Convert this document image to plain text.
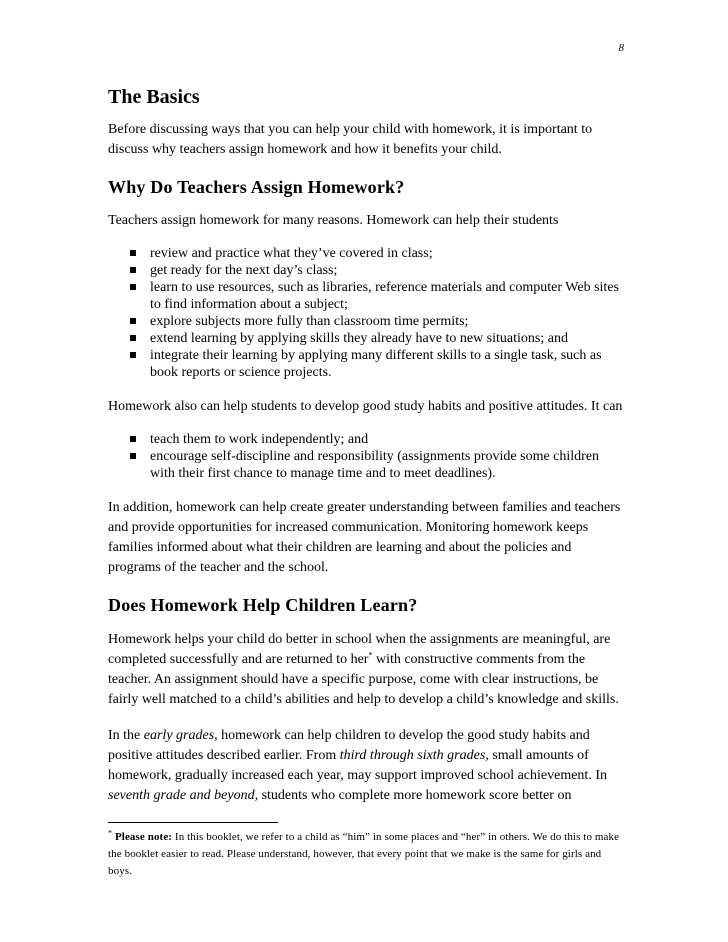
8
The Basics

Before discussing ways that you can help your child with homework, it is important to discuss why teachers assign homework and how it benefits your child.

Why Do Teachers Assign Homework?

Teachers assign homework for many reasons. Homework can help their students

review and practice what they’ve covered in class;
get ready for the next day’s class;
learn to use resources, such as libraries, reference materials and computer Web sites to find information about a subject;
explore subjects more fully than classroom time permits;
extend learning by applying skills they already have to new situations; and
integrate their learning by applying many different skills to a single task, such as book reports or science projects.

Homework also can help students to develop good study habits and positive attitudes. It can

teach them to work independently; and
encourage self-discipline and responsibility (assignments provide some children with their first chance to manage time and to meet deadlines).

In addition, homework can help create greater understanding between families and teachers and provide opportunities for increased communication. Monitoring homework keeps families informed about what their children are learning and about the policies and programs of the teacher and the school.

Does Homework Help Children Learn?

Homework helps your child do better in school when the assignments are meaningful, are completed successfully and are returned to her* with constructive comments from the teacher. An assignment should have a specific purpose, come with clear instructions, be fairly well matched to a child’s abilities and help to develop a child’s knowledge and skills.

In the early grades, homework can help children to develop the good study habits and positive attitudes described earlier. From third through sixth grades, small amounts of homework, gradually increased each year, may support improved school achievement. In seventh grade and beyond, students who complete more homework score better on

* Please note: In this booklet, we refer to a child as “him” in some places and “her” in others. We do this to make the booklet easier to read. Please understand, however, that every point that we make is the same for girls and boys.
